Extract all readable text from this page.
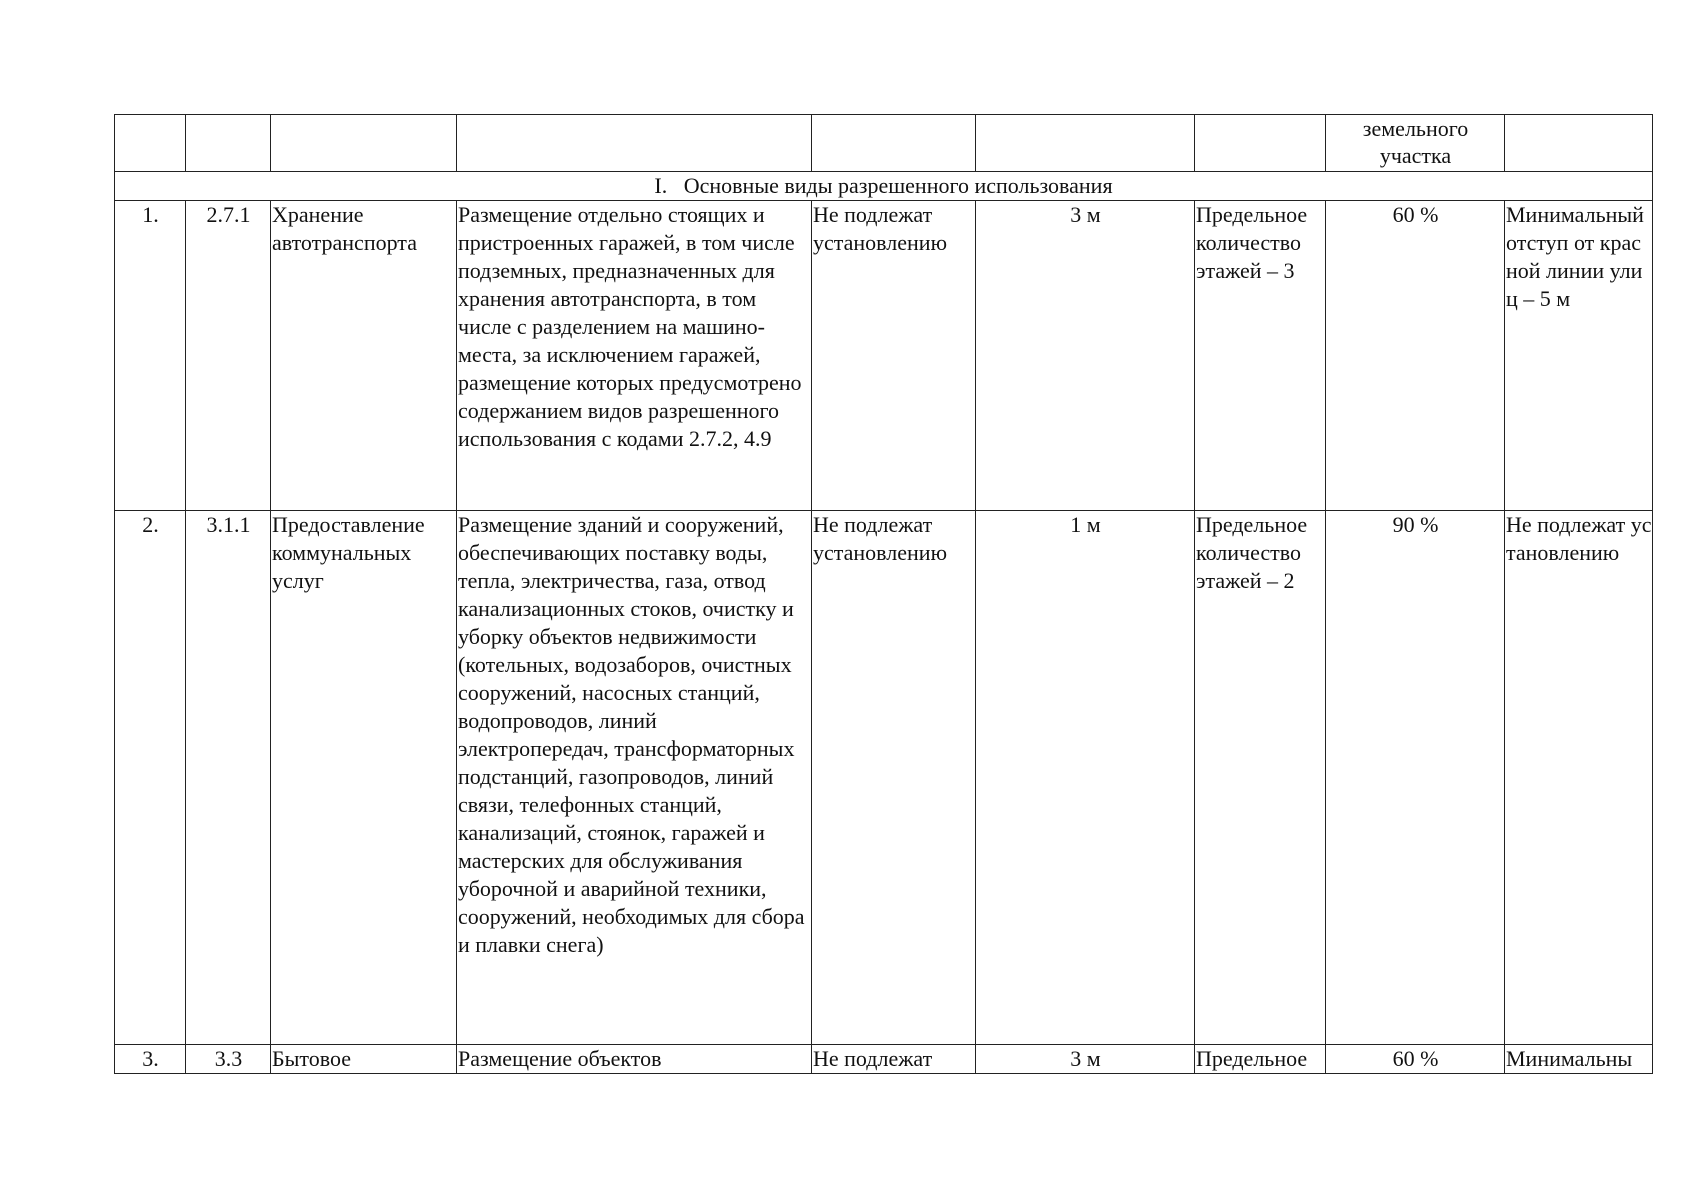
							земельного участка	
I.   Основные виды разрешенного использования								
1.	2.7.1	Хранение автотранспорта	Размещение отдельно стоящих и пристроенных гаражей, в том числе подземных, предназначенных для хранения автотранспорта, в том числе с разделением на машино-места, за исключением гаражей, размещение которых предусмотрено содержанием видов разрешенного использования с кодами 2.7.2, 4.9	Не подлежат установлению	3 м	Предельное количество этажей – 3	60 %	Минимальный отступ от красной линии улиц – 5 м
2.	3.1.1	Предоставление коммунальных услуг	Размещение зданий и сооружений, обеспечивающих поставку воды, тепла, электричества, газа, отвод канализационных стоков, очистку и уборку объектов недвижимости (котельных, водозаборов, очистных сооружений, насосных станций, водопроводов, линий электропередач, трансформаторных подстанций, газопроводов, линий связи, телефонных станций, канализаций, стоянок, гаражей и мастерских для обслуживания уборочной и аварийной техники, сооружений, необходимых для сбора и плавки снега)	Не подлежат установлению	1 м	Предельное количество этажей – 2	90 %	Не подлежат установлению
3.	3.3	Бытовое	Размещение объектов	Не подлежат	3 м	Предельное	60 %	Минимальны
